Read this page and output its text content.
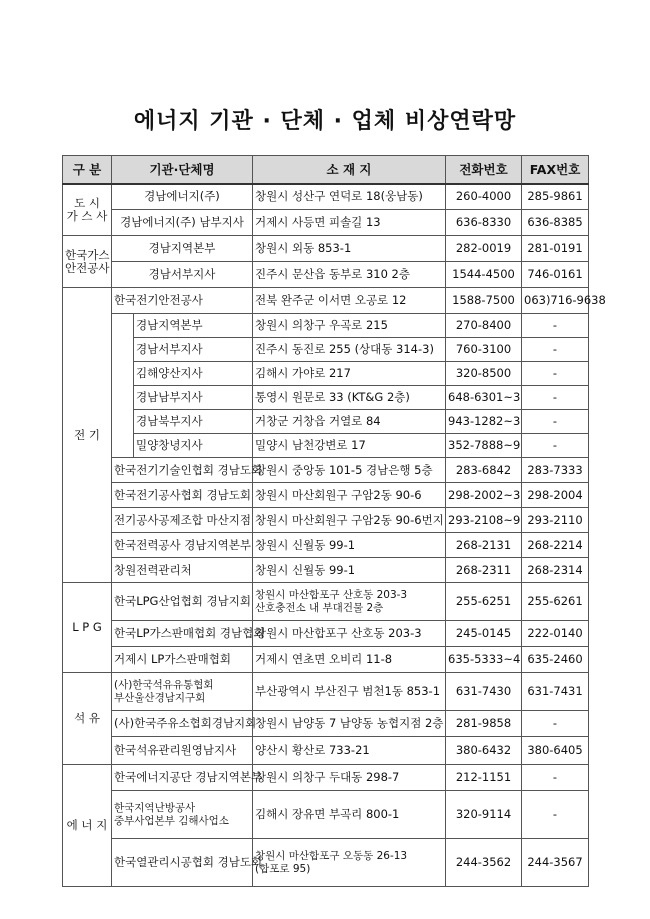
에너지 기관 · 단체 · 업체 비상연락망
구 분	기관·단체명		소 재 지	전화번호	FAX번호

도 시
가 스 사	경남에너지(주)		창원시 성산구 연덕로 18(웅남동)	260-4000	285-9861
	경남에너지(주) 남부지사		거제시 사등면 피솔길 13	636-8330	636-8385

한국가스
안전공사	경남지역본부		창원시 외동 853-1	282-0019	281-0191
	경남서부지사		진주시 문산읍 동부로 310 2층	1544-4500	746-0161
전 기	한국전기안전공사		전북 완주군 이서면 오공로 12	1588-7500	063)716-9638
		경남지역본부	창원시 의창구 우곡로 215	270-8400	-
		경남서부지사	진주시 동진로 255 (상대동 314-3)	760-3100	-
		김해양산지사	김해시 가야로 217	320-8500	-
		경남남부지사	통영시 원문로 33 (KT&G 2층)	648-6301~3	-
		경남북부지사	거창군 거창읍 거열로 84	943-1282~3	-
		밀양창녕지사	밀양시 남천강변로 17	352-7888~9	-
	한국전기기술인협회 경남도회		창원시 중앙동 101-5 경남은행 5층	283-6842	283-7333
	한국전기공사협회 경남도회		창원시 마산회원구 구암2동 90-6	298-2002~3	298-2004
	전기공사공제조합 마산지점		창원시 마산회원구 구암2동 90-6번지	293-2108~9	293-2110
	한국전력공사 경남지역본부		창원시 신월동 99-1	268-2131	268-2214
	창원전력관리처		창원시 신월동 99-1	268-2311	268-2314
L P G	한국LPG산업협회 경남지회		창원시 마산합포구 산호동 203-3
산호충전소 내 부대건물 2층	255-6251	255-6261
	한국LP가스판매협회 경남협회		창원시 마산합포구 산호동 203-3	245-0145	222-0140
	거제시 LP가스판매협회		거제시 연초면 오비리 11-8	635-5333~4	635-2460
석 유	(사)한국석유유통협회
부산울산경남지구회		부산광역시 부산진구 범천1동 853-1	631-7430	631-7431
	(사)한국주유소협회경남지회		창원시 남양동 7 남양동 농협지점 2층	281-9858	-
	한국석유관리원영남지사		양산시 황산로 733-21	380-6432	380-6405
에 너 지	한국에너지공단 경남지역본부		창원시 의창구 두대동 298-7	212-1151	-

	한국지역난방공사
중부사업본부 김해사업소		김해시 장유면 부곡리 800-1	320-9114	-
	한국열관리시공협회 경남도회		창원시 마산합포구 오동동 26-13
(합포로 95)	244-3562	244-3567
